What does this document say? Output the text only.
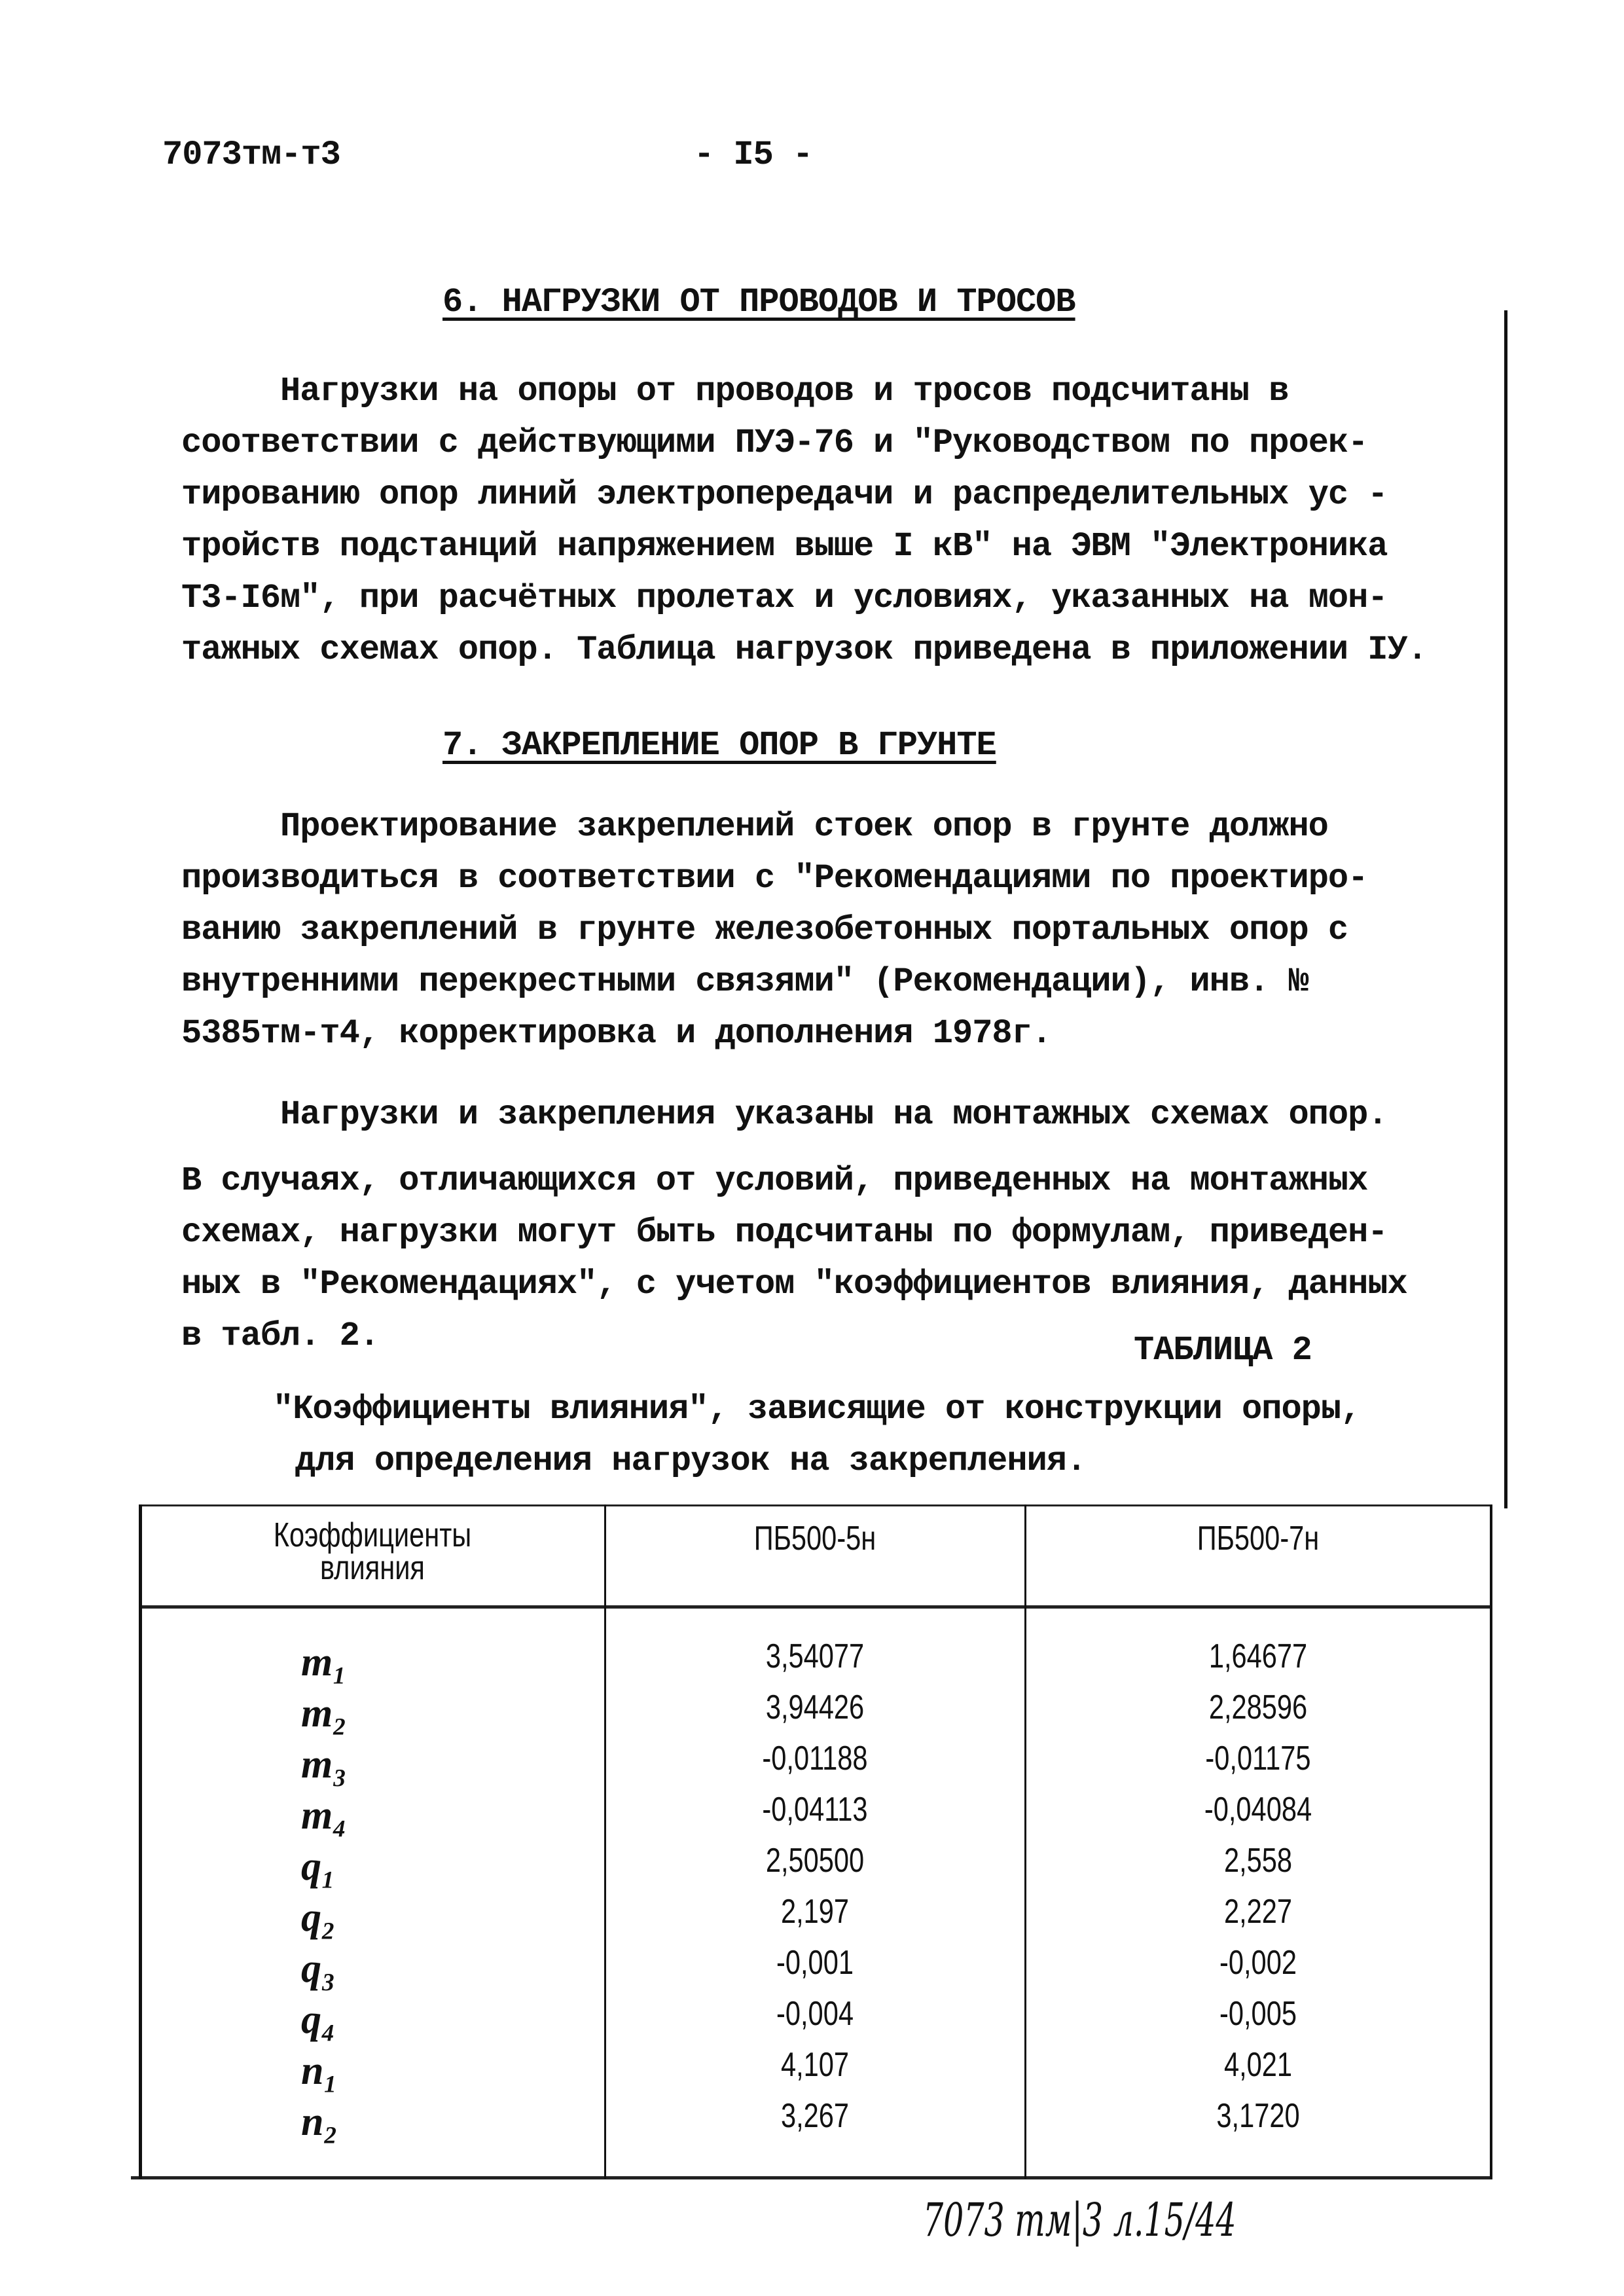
7073тм-т3	- I5 -
6. НАГРУЗКИ ОТ ПРОВОДОВ И ТРОСОВ
Нагрузки на опоры от проводов и тросов подсчитаны в
соответствии с действующими ПУЭ-76 и "Руководством по проек-
тированию опор линий электропередачи и распределительных ус -
тройств подстанций напряжением выше I кВ" на ЭВМ "Электроника
Т3-I6м", при расчётных пролетах и условиях, указанных на мон-
тажных схемах опор. Таблица нагрузок приведена в приложении IУ.
7. ЗАКРЕПЛЕНИЕ ОПОР В ГРУНТЕ
Проектирование закреплений стоек опор в грунте должно
производиться в соответствии с "Рекомендациями по проектиро-
ванию закреплений в грунте железобетонных портальных опор с
внутренними перекрестными связями" (Рекомендации), инв. №
5385тм-т4, корректировка и дополнения 1978г.
Нагрузки и закрепления указаны на монтажных схемах опор.
В случаях, отличающихся от условий, приведенных на монтажных
схемах, нагрузки могут быть подсчитаны по формулам, приведен-
ных в "Рекомендациях", с учетом "коэффициентов влияния, данных
в табл. 2.	ТАБЛИЦА 2
"Коэффициенты влияния", зависящие от конструкции опоры,
для определения нагрузок на закрепления.
Коэффициенты
влияния
ПБ500-5н	ПБ500-7н
m₁	3,54077	1,64677
m₂	3,94426	2,28596
m₃	-0,01188	-0,01175
m₄	-0,04113	-0,04084
q₁	2,50500	2,558
q₂	2,197	2,227
q₃	-0,001	-0,002
q₄	-0,004	-0,005
n₁	4,107	4,021
n₂	3,267	3,1720
7073 тм|3 л.15/44
